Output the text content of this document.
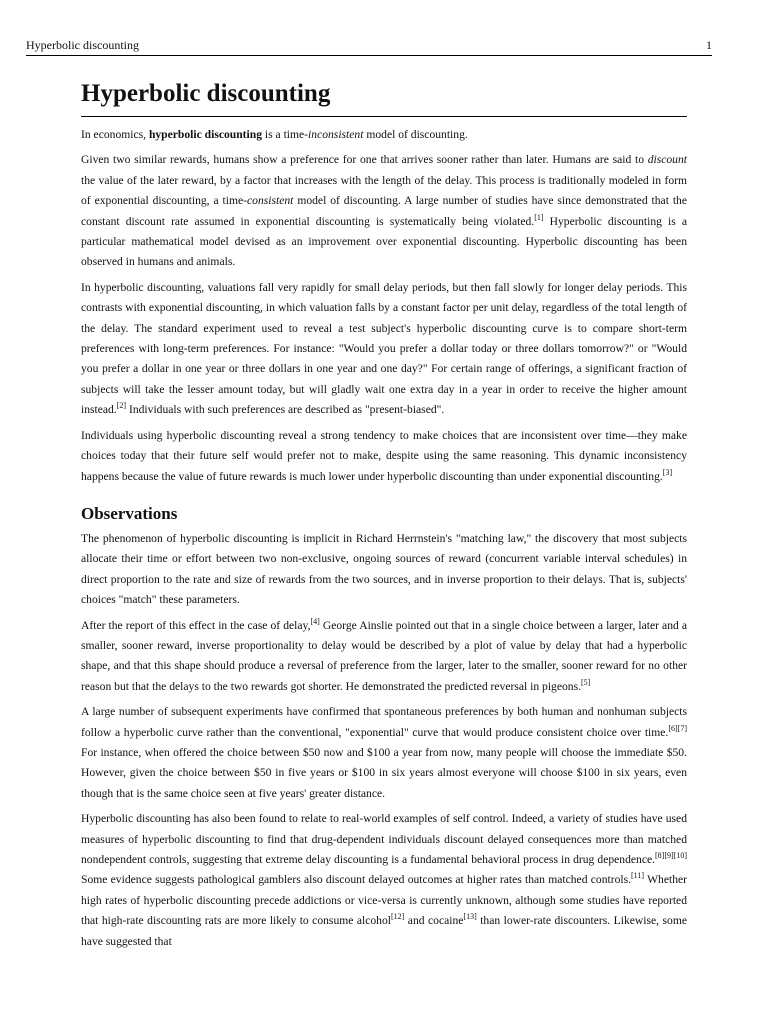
Hyperbolic discounting	1
Hyperbolic discounting

In economics, hyperbolic discounting is a time-inconsistent model of discounting.

Given two similar rewards, humans show a preference for one that arrives sooner rather than later. Humans are said to discount the value of the later reward, by a factor that increases with the length of the delay. This process is traditionally modeled in form of exponential discounting, a time-consistent model of discounting. A large number of studies have since demonstrated that the constant discount rate assumed in exponential discounting is systematically being violated.[1] Hyperbolic discounting is a particular mathematical model devised as an improvement over exponential discounting. Hyperbolic discounting has been observed in humans and animals.

In hyperbolic discounting, valuations fall very rapidly for small delay periods, but then fall slowly for longer delay periods. This contrasts with exponential discounting, in which valuation falls by a constant factor per unit delay, regardless of the total length of the delay. The standard experiment used to reveal a test subject's hyperbolic discounting curve is to compare short-term preferences with long-term preferences. For instance: "Would you prefer a dollar today or three dollars tomorrow?" or "Would you prefer a dollar in one year or three dollars in one year and one day?" For certain range of offerings, a significant fraction of subjects will take the lesser amount today, but will gladly wait one extra day in a year in order to receive the higher amount instead.[2] Individuals with such preferences are described as "present-biased".

Individuals using hyperbolic discounting reveal a strong tendency to make choices that are inconsistent over time—they make choices today that their future self would prefer not to make, despite using the same reasoning. This dynamic inconsistency happens because the value of future rewards is much lower under hyperbolic discounting than under exponential discounting.[3]

Observations

The phenomenon of hyperbolic discounting is implicit in Richard Herrnstein's "matching law," the discovery that most subjects allocate their time or effort between two non-exclusive, ongoing sources of reward (concurrent variable interval schedules) in direct proportion to the rate and size of rewards from the two sources, and in inverse proportion to their delays. That is, subjects' choices "match" these parameters.

After the report of this effect in the case of delay,[4] George Ainslie pointed out that in a single choice between a larger, later and a smaller, sooner reward, inverse proportionality to delay would be described by a plot of value by delay that had a hyperbolic shape, and that this shape should produce a reversal of preference from the larger, later to the smaller, sooner reward for no other reason but that the delays to the two rewards got shorter. He demonstrated the predicted reversal in pigeons.[5]

A large number of subsequent experiments have confirmed that spontaneous preferences by both human and nonhuman subjects follow a hyperbolic curve rather than the conventional, "exponential" curve that would produce consistent choice over time.[6][7] For instance, when offered the choice between $50 now and $100 a year from now, many people will choose the immediate $50. However, given the choice between $50 in five years or $100 in six years almost everyone will choose $100 in six years, even though that is the same choice seen at five years' greater distance.

Hyperbolic discounting has also been found to relate to real-world examples of self control. Indeed, a variety of studies have used measures of hyperbolic discounting to find that drug-dependent individuals discount delayed consequences more than matched nondependent controls, suggesting that extreme delay discounting is a fundamental behavioral process in drug dependence.[8][9][10] Some evidence suggests pathological gamblers also discount delayed outcomes at higher rates than matched controls.[11] Whether high rates of hyperbolic discounting precede addictions or vice-versa is currently unknown, although some studies have reported that high-rate discounting rats are more likely to consume alcohol[12] and cocaine[13] than lower-rate discounters. Likewise, some have suggested that
